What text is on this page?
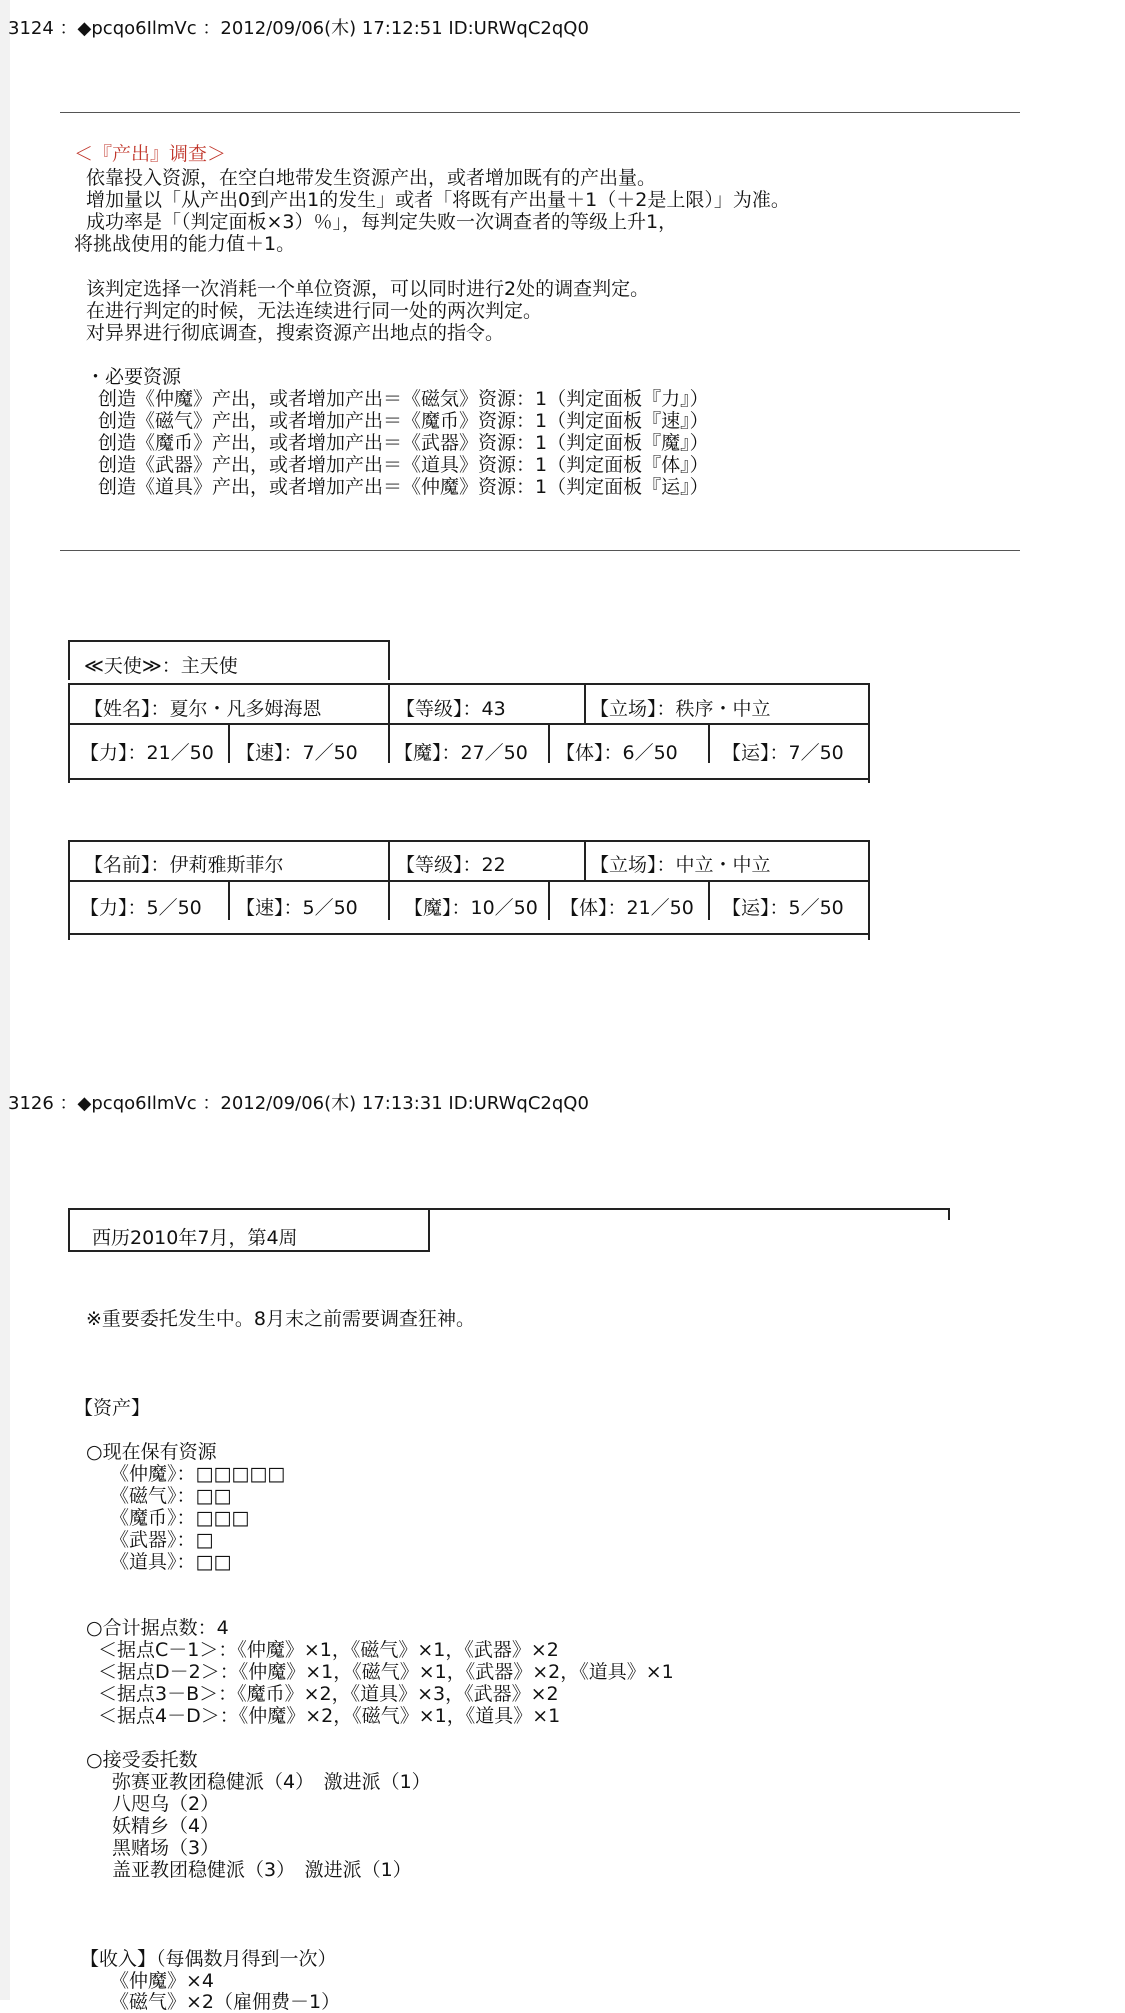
3124 ：◆pcqo6IlmVc ：2012/09/06(木) 17:12:51 ID:URWqC2qQ0
＜『产出』调查＞
依靠投入资源，在空白地带发生资源产出，或者增加既有的产出量。
增加量以「从产出0到产出1的发生」或者「将既有产出量＋1（＋2是上限）」为准。
成功率是「（判定面板×3）％」，每判定失败一次调查者的等级上升1，
将挑战使用的能力值＋1。
该判定选择一次消耗一个单位资源，可以同时进行2处的调查判定。
在进行判定的时候，无法连续进行同一处的两次判定。
对异界进行彻底调查，搜索资源产出地点的指令。
・必要资源
创造《仲魔》产出，或者增加产出＝《磁気》资源：1（判定面板『力』）
创造《磁气》产出，或者增加产出＝《魔币》资源：1（判定面板『速』）
创造《魔币》产出，或者增加产出＝《武器》资源：1（判定面板『魔』）
创造《武器》产出，或者增加产出＝《道具》资源：1（判定面板『体』）
创造《道具》产出，或者增加产出＝《仲魔》资源：1（判定面板『运』）
≪天使≫：主天使
【姓名】：夏尔・凡多姆海恩	【等级】：43	【立场】：秩序・中立
【力】：21／50 【速】：7／50 【魔】：27／50 【体】：6／50 【运】：7／50
【名前】：伊莉雅斯菲尔	【等级】：22	【立场】：中立・中立
【力】：5／50 【速】：5／50 【魔】：10／50 【体】：21／50 【运】：5／50
3126 ：◆pcqo6IlmVc ：2012/09/06(木) 17:13:31 ID:URWqC2qQ0
西历2010年7月，第4周
※重要委托发生中。8月末之前需要调查狂神。
【资产】
○现在保有资源
《仲魔》：□□□□□
《磁气》：□□
《魔币》：□□□
《武器》：□
《道具》：□□
○合计据点数：4
＜据点C－1＞：《仲魔》×1，《磁气》×1，《武器》×2
＜据点D－2＞：《仲魔》×1，《磁气》×1，《武器》×2，《道具》×1
＜据点3－B＞：《魔币》×2，《道具》×3，《武器》×2
＜据点4－D＞：《仲魔》×2，《磁气》×1，《道具》×1
○接受委托数
弥赛亚教团稳健派（4）　激进派（1）
八咫乌（2）
妖精乡（4）
黑赌场（3）
盖亚教团稳健派（3）　激进派（1）
【收入】（每偶数月得到一次）
《仲魔》×4
《磁气》×2（雇佣费－1）
